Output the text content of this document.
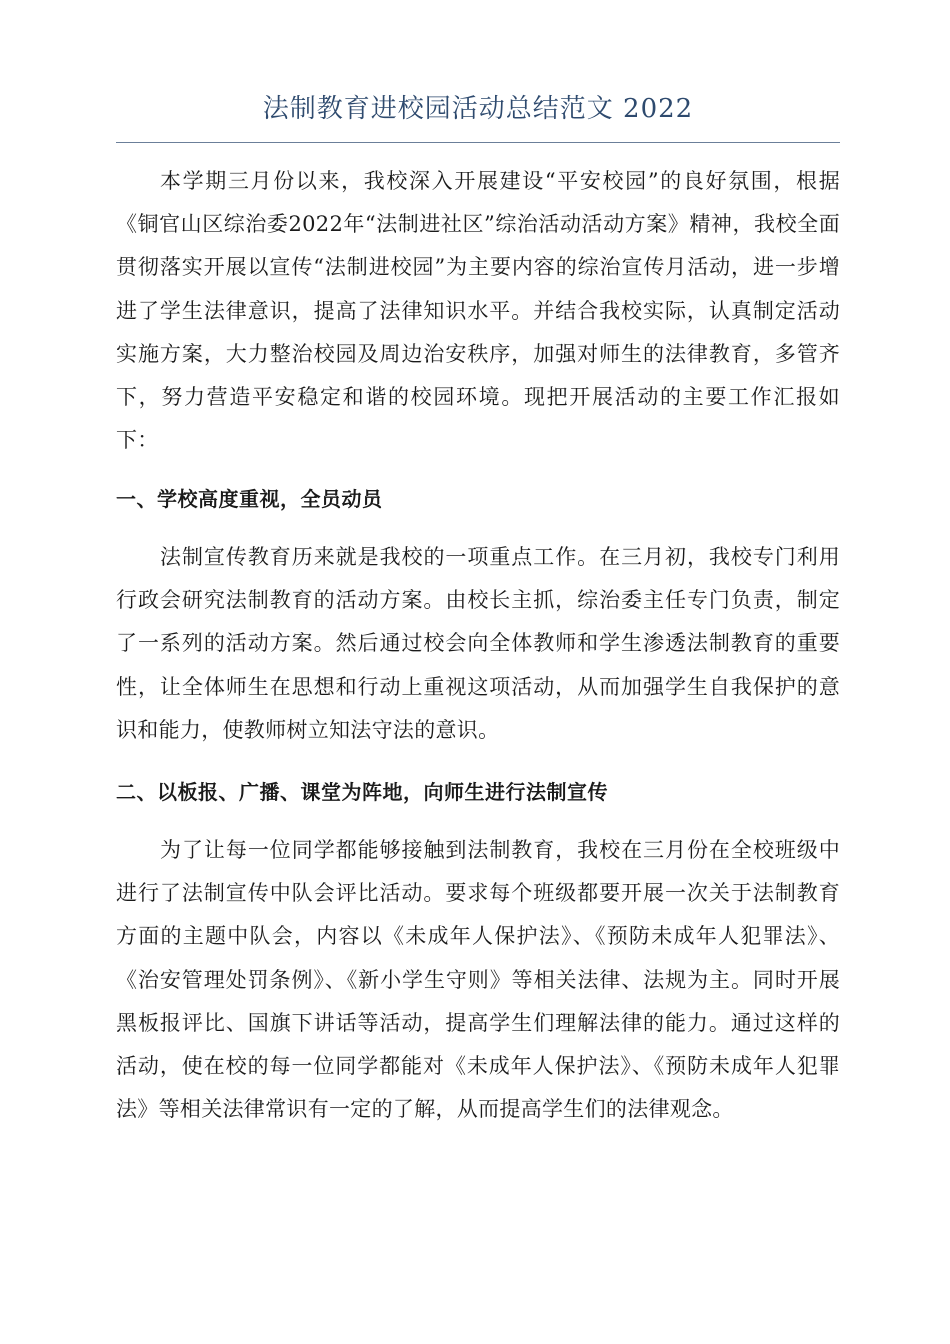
法制教育进校园活动总结范文 2022

本学期三月份以来，我校深入开展建设“平安校园”的良好氛围，根据《铜官山区综治委2022年“法制进社区”综治活动活动方案》精神，我校全面贯彻落实开展以宣传“法制进校园”为主要内容的综治宣传月活动，进一步增进了学生法律意识，提高了法律知识水平。并结合我校实际，认真制定活动实施方案，大力整治校园及周边治安秩序，加强对师生的法律教育，多管齐下，努力营造平安稳定和谐的校园环境。现把开展活动的主要工作汇报如下：

一、学校高度重视，全员动员

法制宣传教育历来就是我校的一项重点工作。在三月初，我校专门利用行政会研究法制教育的活动方案。由校长主抓，综治委主任专门负责，制定了一系列的活动方案。然后通过校会向全体教师和学生渗透法制教育的重要性，让全体师生在思想和行动上重视这项活动，从而加强学生自我保护的意识和能力，使教师树立知法守法的意识。

二、以板报、广播、课堂为阵地，向师生进行法制宣传

为了让每一位同学都能够接触到法制教育，我校在三月份在全校班级中进行了法制宣传中队会评比活动。要求每个班级都要开展一次关于法制教育方面的主题中队会，内容以《未成年人保护法》、《预防未成年人犯罪法》、《治安管理处罚条例》、《新小学生守则》等相关法律、法规为主。同时开展黑板报评比、国旗下讲话等活动，提高学生们理解法律的能力。通过这样的活动，使在校的每一位同学都能对《未成年人保护法》、《预防未成年人犯罪法》等相关法律常识有一定的了解，从而提高学生们的法律观念。
